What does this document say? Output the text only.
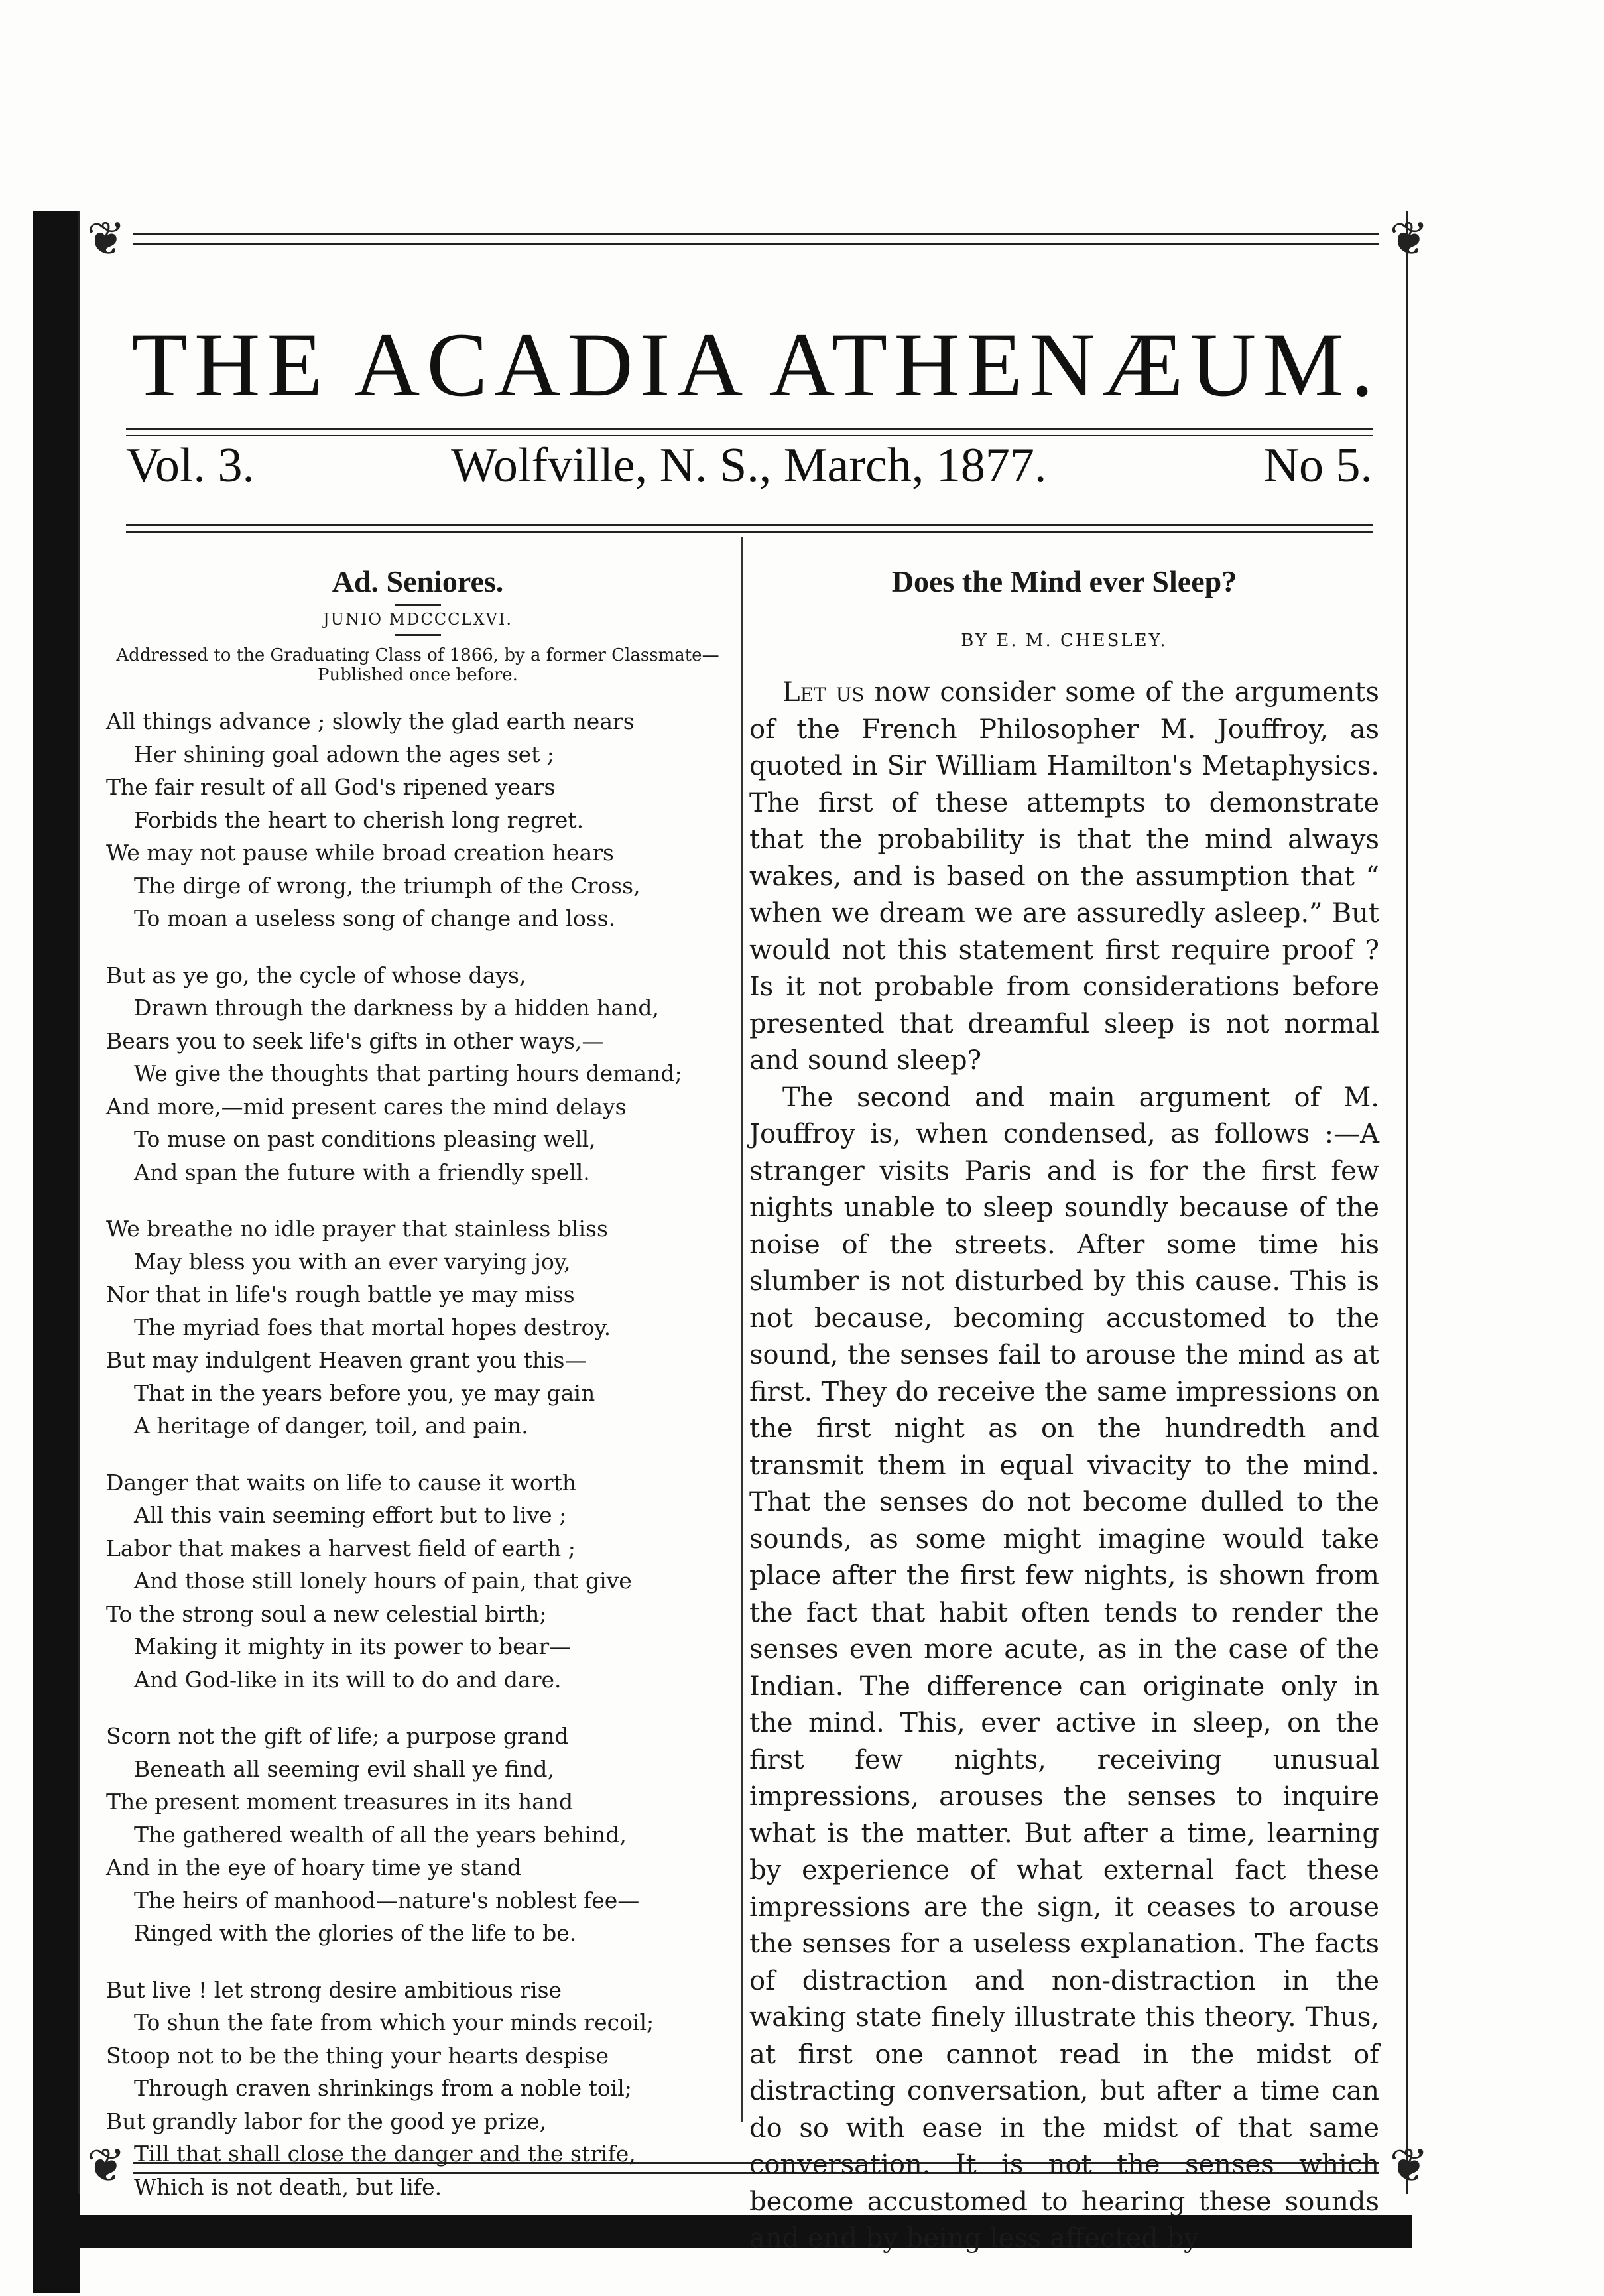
❦	❦
❦	❦
THE ACADIA ATHENÆUM.
Vol. 3.	Wolfville, N. S., March, 1877.	No 5.
Ad. Seniores.

JUNIO MDCCCLXVI.

Addressed to the Graduating Class of 1866, by a former Classmate—Published once before.

All things advance ; slowly the glad earth nears
Her shining goal adown the ages set ;
The fair result of all God's ripened years
Forbids the heart to cherish long regret.
We may not pause while broad creation hears
The dirge of wrong, the triumph of the Cross,
To moan a useless song of change and loss.
But as ye go, the cycle of whose days,
Drawn through the darkness by a hidden hand,
Bears you to seek life's gifts in other ways,—
We give the thoughts that parting hours demand;
And more,—mid present cares the mind delays
To muse on past conditions pleasing well,
And span the future with a friendly spell.
We breathe no idle prayer that stainless bliss
May bless you with an ever varying joy,
Nor that in life's rough battle ye may miss
The myriad foes that mortal hopes destroy.
But may indulgent Heaven grant you this—
That in the years before you, ye may gain
A heritage of danger, toil, and pain.
Danger that waits on life to cause it worth
All this vain seeming effort but to live ;
Labor that makes a harvest field of earth ;
And those still lonely hours of pain, that give
To the strong soul a new celestial birth;
Making it mighty in its power to bear—
And God-like in its will to do and dare.
Scorn not the gift of life; a purpose grand
Beneath all seeming evil shall ye find,
The present moment treasures in its hand
The gathered wealth of all the years behind,
And in the eye of hoary time ye stand
The heirs of manhood—nature's noblest fee—
Ringed with the glories of the life to be.
But live ! let strong desire ambitious rise
To shun the fate from which your minds recoil;
Stoop not to be the thing your hearts despise
Through craven shrinkings from a noble toil;
But grandly labor for the good ye prize,
Till that shall close the danger and the strife,
Which is not death, but life.
Does the Mind ever Sleep?

BY E. M. CHESLEY.

Let us now consider some of the arguments of the French Philosopher M. Jouffroy, as quoted in Sir William Hamilton's Metaphysics. The first of these attempts to demonstrate that the probability is that the mind always wakes, and is based on the assumption that “ when we dream we are assuredly asleep.” But would not this statement first require proof ? Is it not probable from considerations before presented that dreamful sleep is not normal and sound sleep?

The second and main argument of M. Jouffroy is, when condensed, as follows :—A stranger visits Paris and is for the first few nights unable to sleep soundly because of the noise of the streets. After some time his slumber is not disturbed by this cause. This is not because, becoming accustomed to the sound, the senses fail to arouse the mind as at first. They do receive the same impressions on the first night as on the hundredth and transmit them in equal vivacity to the mind. That the senses do not become dulled to the sounds, as some might imagine would take place after the first few nights, is shown from the fact that habit often tends to render the senses even more acute, as in the case of the Indian. The difference can originate only in the mind. This, ever active in sleep, on the first few nights, receiving unusual impressions, arouses the senses to inquire what is the matter. But after a time, learning by experience of what external fact these impressions are the sign, it ceases to arouse the senses for a useless explanation. The facts of distraction and non-distraction in the waking state finely illustrate this theory. Thus, at first one cannot read in the midst of distracting conversation, but after a time can do so with ease in the midst of that same conversation. It is not the senses which become accustomed to hearing these sounds and end by being less affected by
